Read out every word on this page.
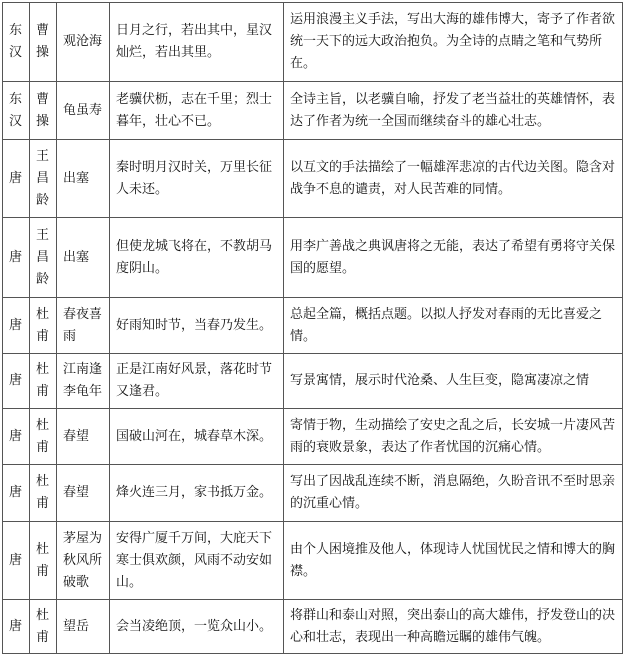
东汉	曹操	观沧海	日月之行，若出其中，星汉灿烂，若出其里。	运用浪漫主义手法，写出大海的雄伟博大，寄予了作者欲统一天下的远大政治抱负。为全诗的点睛之笔和气势所在。
东汉	曹操	龟虽寿	老骥伏枥，志在千里；烈士暮年，壮心不已。	全诗主旨，以老骥自喻，抒发了老当益壮的英雄情怀，表达了作者为统一全国而继续奋斗的雄心壮志。
唐	王昌龄	出塞	秦时明月汉时关，万里长征人未还。	以互文的手法描绘了一幅雄浑悲凉的古代边关图。隐含对战争不息的谴责，对人民苦难的同情。
唐	王昌龄	出塞	但使龙城飞将在，不教胡马度阴山。	用李广善战之典讽唐将之无能，表达了希望有勇将守关保国的愿望。
唐	杜甫	春夜喜雨	好雨知时节，当春乃发生。	总起全篇，概括点题。以拟人抒发对春雨的无比喜爱之情。
唐	杜甫	江南逢李龟年	正是江南好风景，落花时节又逢君。	写景寓情，展示时代沧桑、人生巨变，隐寓凄凉之情
唐	杜甫	春望	国破山河在，城春草木深。	寄情于物，生动描绘了安史之乱之后，长安城一片凄风苦雨的衰败景象，表达了作者忧国的沉痛心情。
唐	杜甫	春望	烽火连三月，家书抵万金。	写出了因战乱连续不断，消息隔绝，久盼音讯不至时思亲的沉重心情。
唐	杜甫	茅屋为秋风所破歌	安得广厦千万间，大庇天下寒士俱欢颜，风雨不动安如山。	由个人困境推及他人，体现诗人忧国忧民之情和博大的胸襟。
唐	杜甫	望岳	会当凌绝顶，一览众山小。	将群山和泰山对照，突出泰山的高大雄伟，抒发登山的决心和壮志，表现出一种高瞻远瞩的雄伟气魄。
